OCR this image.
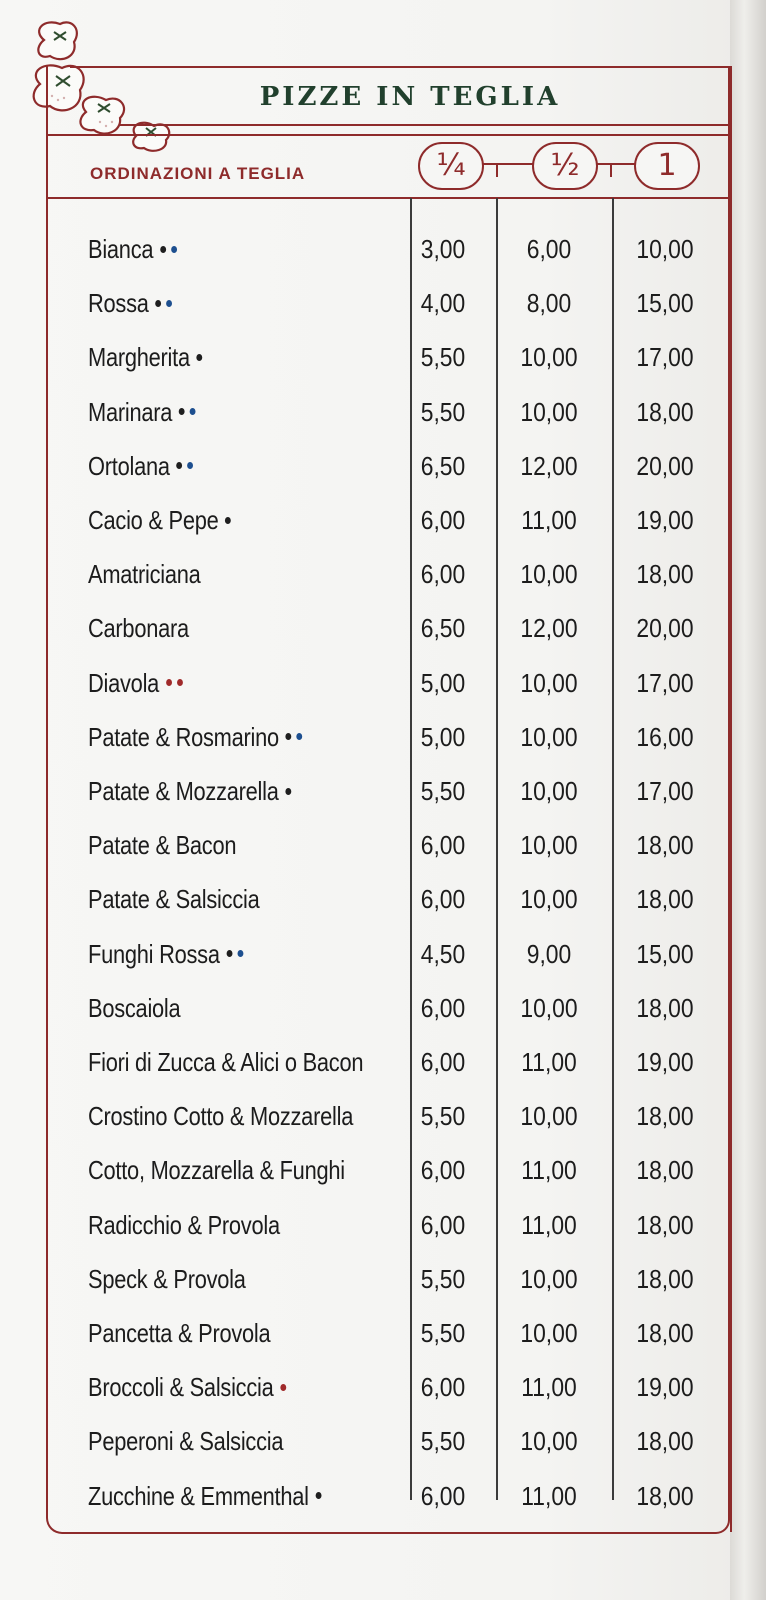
PIZZE IN TEGLIA
ORDINAZIONI A TEGLIA	¼	½	1
Bianca	3,00	6,00	10,00
Rossa	4,00	8,00	15,00
Margherita	5,50	10,00	17,00
Marinara	5,50	10,00	18,00
Ortolana	6,50	12,00	20,00
Cacio & Pepe	6,00	11,00	19,00
Amatriciana	6,00	10,00	18,00
Carbonara	6,50	12,00	20,00
Diavola	5,00	10,00	17,00
Patate & Rosmarino	5,00	10,00	16,00
Patate & Mozzarella	5,50	10,00	17,00
Patate & Bacon	6,00	10,00	18,00
Patate & Salsiccia	6,00	10,00	18,00
Funghi Rossa	4,50	9,00	15,00
Boscaiola	6,00	10,00	18,00
Fiori di Zucca & Alici o Bacon	6,00	11,00	19,00
Crostino Cotto & Mozzarella	5,50	10,00	18,00
Cotto, Mozzarella & Funghi	6,00	11,00	18,00
Radicchio & Provola	6,00	11,00	18,00
Speck & Provola	5,50	10,00	18,00
Pancetta & Provola	5,50	10,00	18,00
Broccoli & Salsiccia	6,00	11,00	19,00
Peperoni & Salsiccia	5,50	10,00	18,00
Zucchine & Emmenthal	6,00	11,00	18,00
